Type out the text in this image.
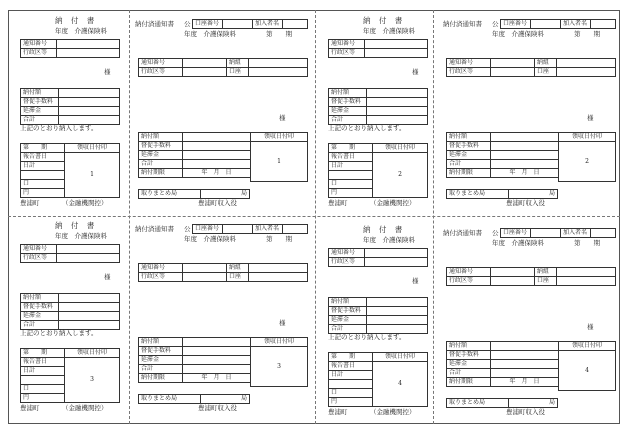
納 付 書
年度　介護保険料
通知番号	
行政区等	
様
納付額	
督促手数料	
延滞金	
合計	
上記のとおり納入します。
第　　期	領収日付印
報告書日	1
日計	

口	
円	
豊浦町	（金融機関控）
納付済通知書 公 口座番号		加入者名	
年度　介護保険料	第　　期
通知番号		納組	
行政区等		口座	
様
納付額		領収日付印
督促手数料		1
延滞金		
合計		
納付期限	年　月　日	

取りまとめ局	局
豊浦町収入役
納 付 書
年度　介護保険料
通知番号	
行政区等	
様
納付額	
督促手数料	
延滞金	
合計	
上記のとおり納入します。
第　　期	領収日付印
報告書日	2
日計	

口	
円	
豊浦町	（金融機関控）
納付済通知書 公 口座番号		加入者名	
年度　介護保険料	第　　期
通知番号		納組	
行政区等		口座	
様
納付額		領収日付印
督促手数料		2
延滞金		
合計		
納付期限	年　月　日	

取りまとめ局	局
豊浦町収入役
納 付 書
年度　介護保険料
通知番号	
行政区等	
様
納付額	
督促手数料	
延滞金	
合計	
上記のとおり納入します。
第　　期	領収日付印
報告書日	3
日計	

口	
円	
豊浦町	（金融機関控）
納付済通知書 公 口座番号		加入者名	
年度　介護保険料	第　　期
通知番号		納組	
行政区等		口座	
様
納付額		領収日付印
督促手数料		3
延滞金		
合計		
納付期限	年　月　日	

取りまとめ局	局
豊浦町収入役
納 付 書
年度　介護保険料
通知番号	
行政区等	
様
納付額	
督促手数料	
延滞金	
合計	
上記のとおり納入します。
第　　期	領収日付印
報告書日	4
日計	

口	
円	
豊浦町	（金融機関控）
納付済通知書 公 口座番号		加入者名	
年度　介護保険料	第　　期
通知番号		納組	
行政区等		口座	
様
納付額		領収日付印
督促手数料		4
延滞金		
合計		
納付期限	年　月　日	

取りまとめ局	局
豊浦町収入役
